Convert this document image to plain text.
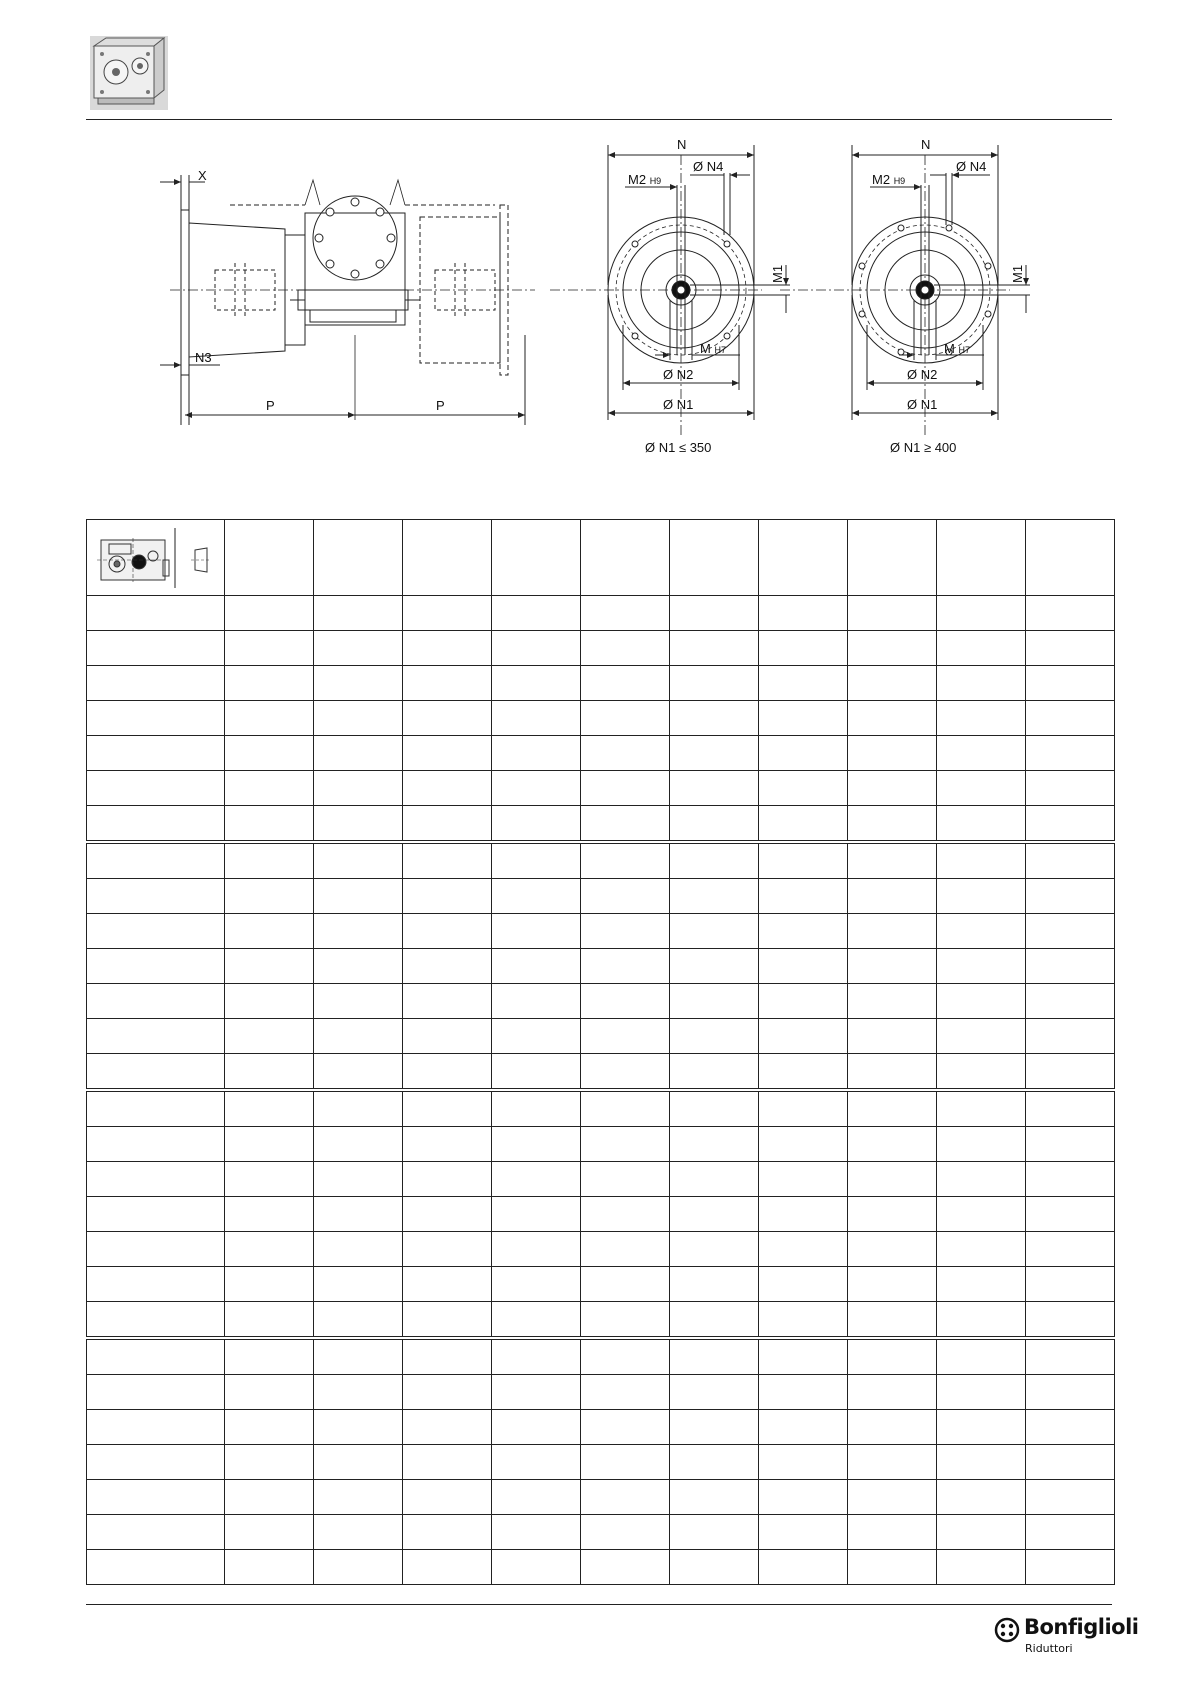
X
N3
P	P
N
Ø N4
M2 H9
M1
M H7
Ø N2
Ø N1
Ø N1 ≤ 350
N
Ø N4
M2 H9
M1
M H7
Ø N2
Ø N1
Ø N1 ≥ 400

Bonfiglioli
Riduttori
